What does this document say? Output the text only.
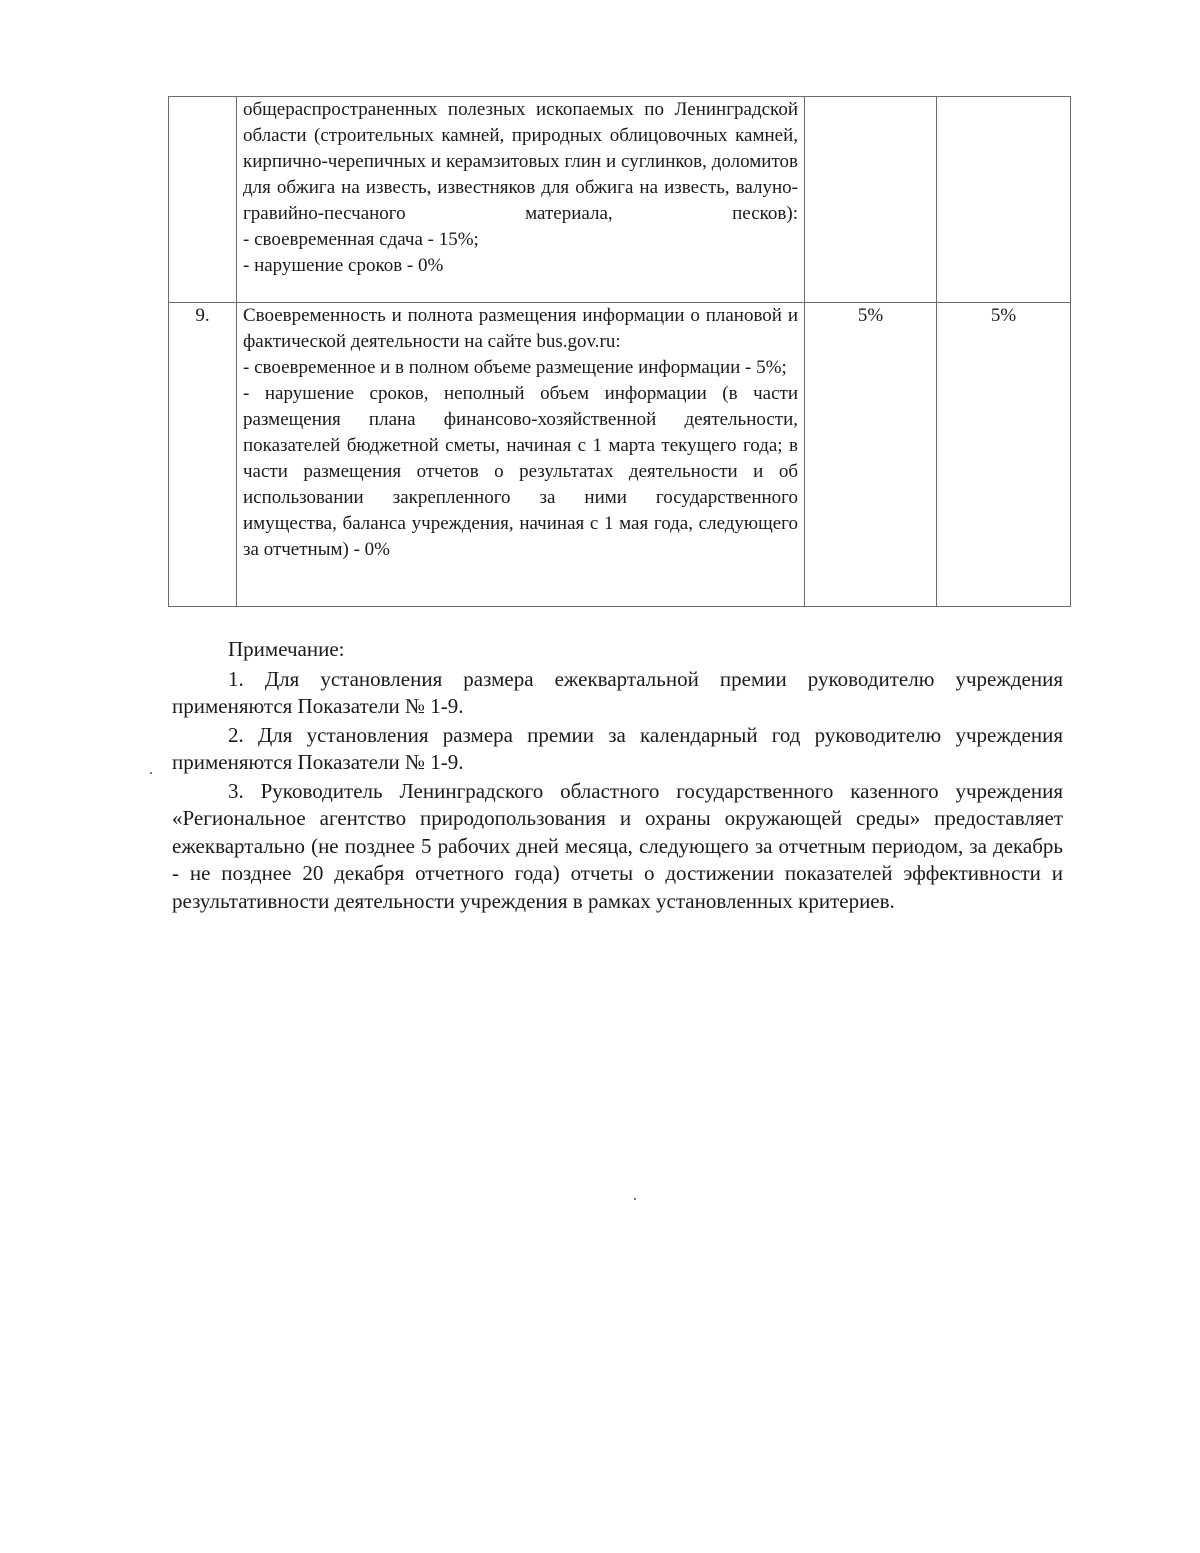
	общераспространенных полезных ископаемых по Ленинградской области (строительных камней, природных облицовочных камней, кирпично-черепичных и керамзитовых глин и суглинков, доломитов для обжига на известь, известняков для обжига на известь, валуно-гравийно-песчаного материала, песков):

- своевременная сдача - 15%;

- нарушение сроков - 0%		

9.	Своевременность и полнота размещения информации о плановой и фактической деятельности на сайте bus.gov.ru:

- своевременное и в полном объеме размещение информации - 5%;

- нарушение сроков, неполный объем информации (в части размещения плана финансово-хозяйственной деятельности, показателей бюджетной сметы, начиная с 1 марта текущего года; в части размещения отчетов о результатах деятельности и об использовании закрепленного за ними государственного имущества, баланса учреждения, начиная с 1 мая года, следующего за отчетным) - 0%	5%	5%
Примечание:

1. Для установления размера ежеквартальной премии руководителю учреждения применяются Показатели № 1-9.

2. Для установления размера премии за календарный год руководителю учреждения применяются Показатели № 1-9.

3. Руководитель Ленинградского областного государственного казенного учреждения «Региональное агентство природопользования и охраны окружающей среды» предоставляет ежеквартально (не позднее 5 рабочих дней месяца, следующего за отчетным периодом, за декабрь - не позднее 20 декабря отчетного года) отчеты о достижении показателей эффективности и результативности деятельности учреждения в рамках установленных критериев.
